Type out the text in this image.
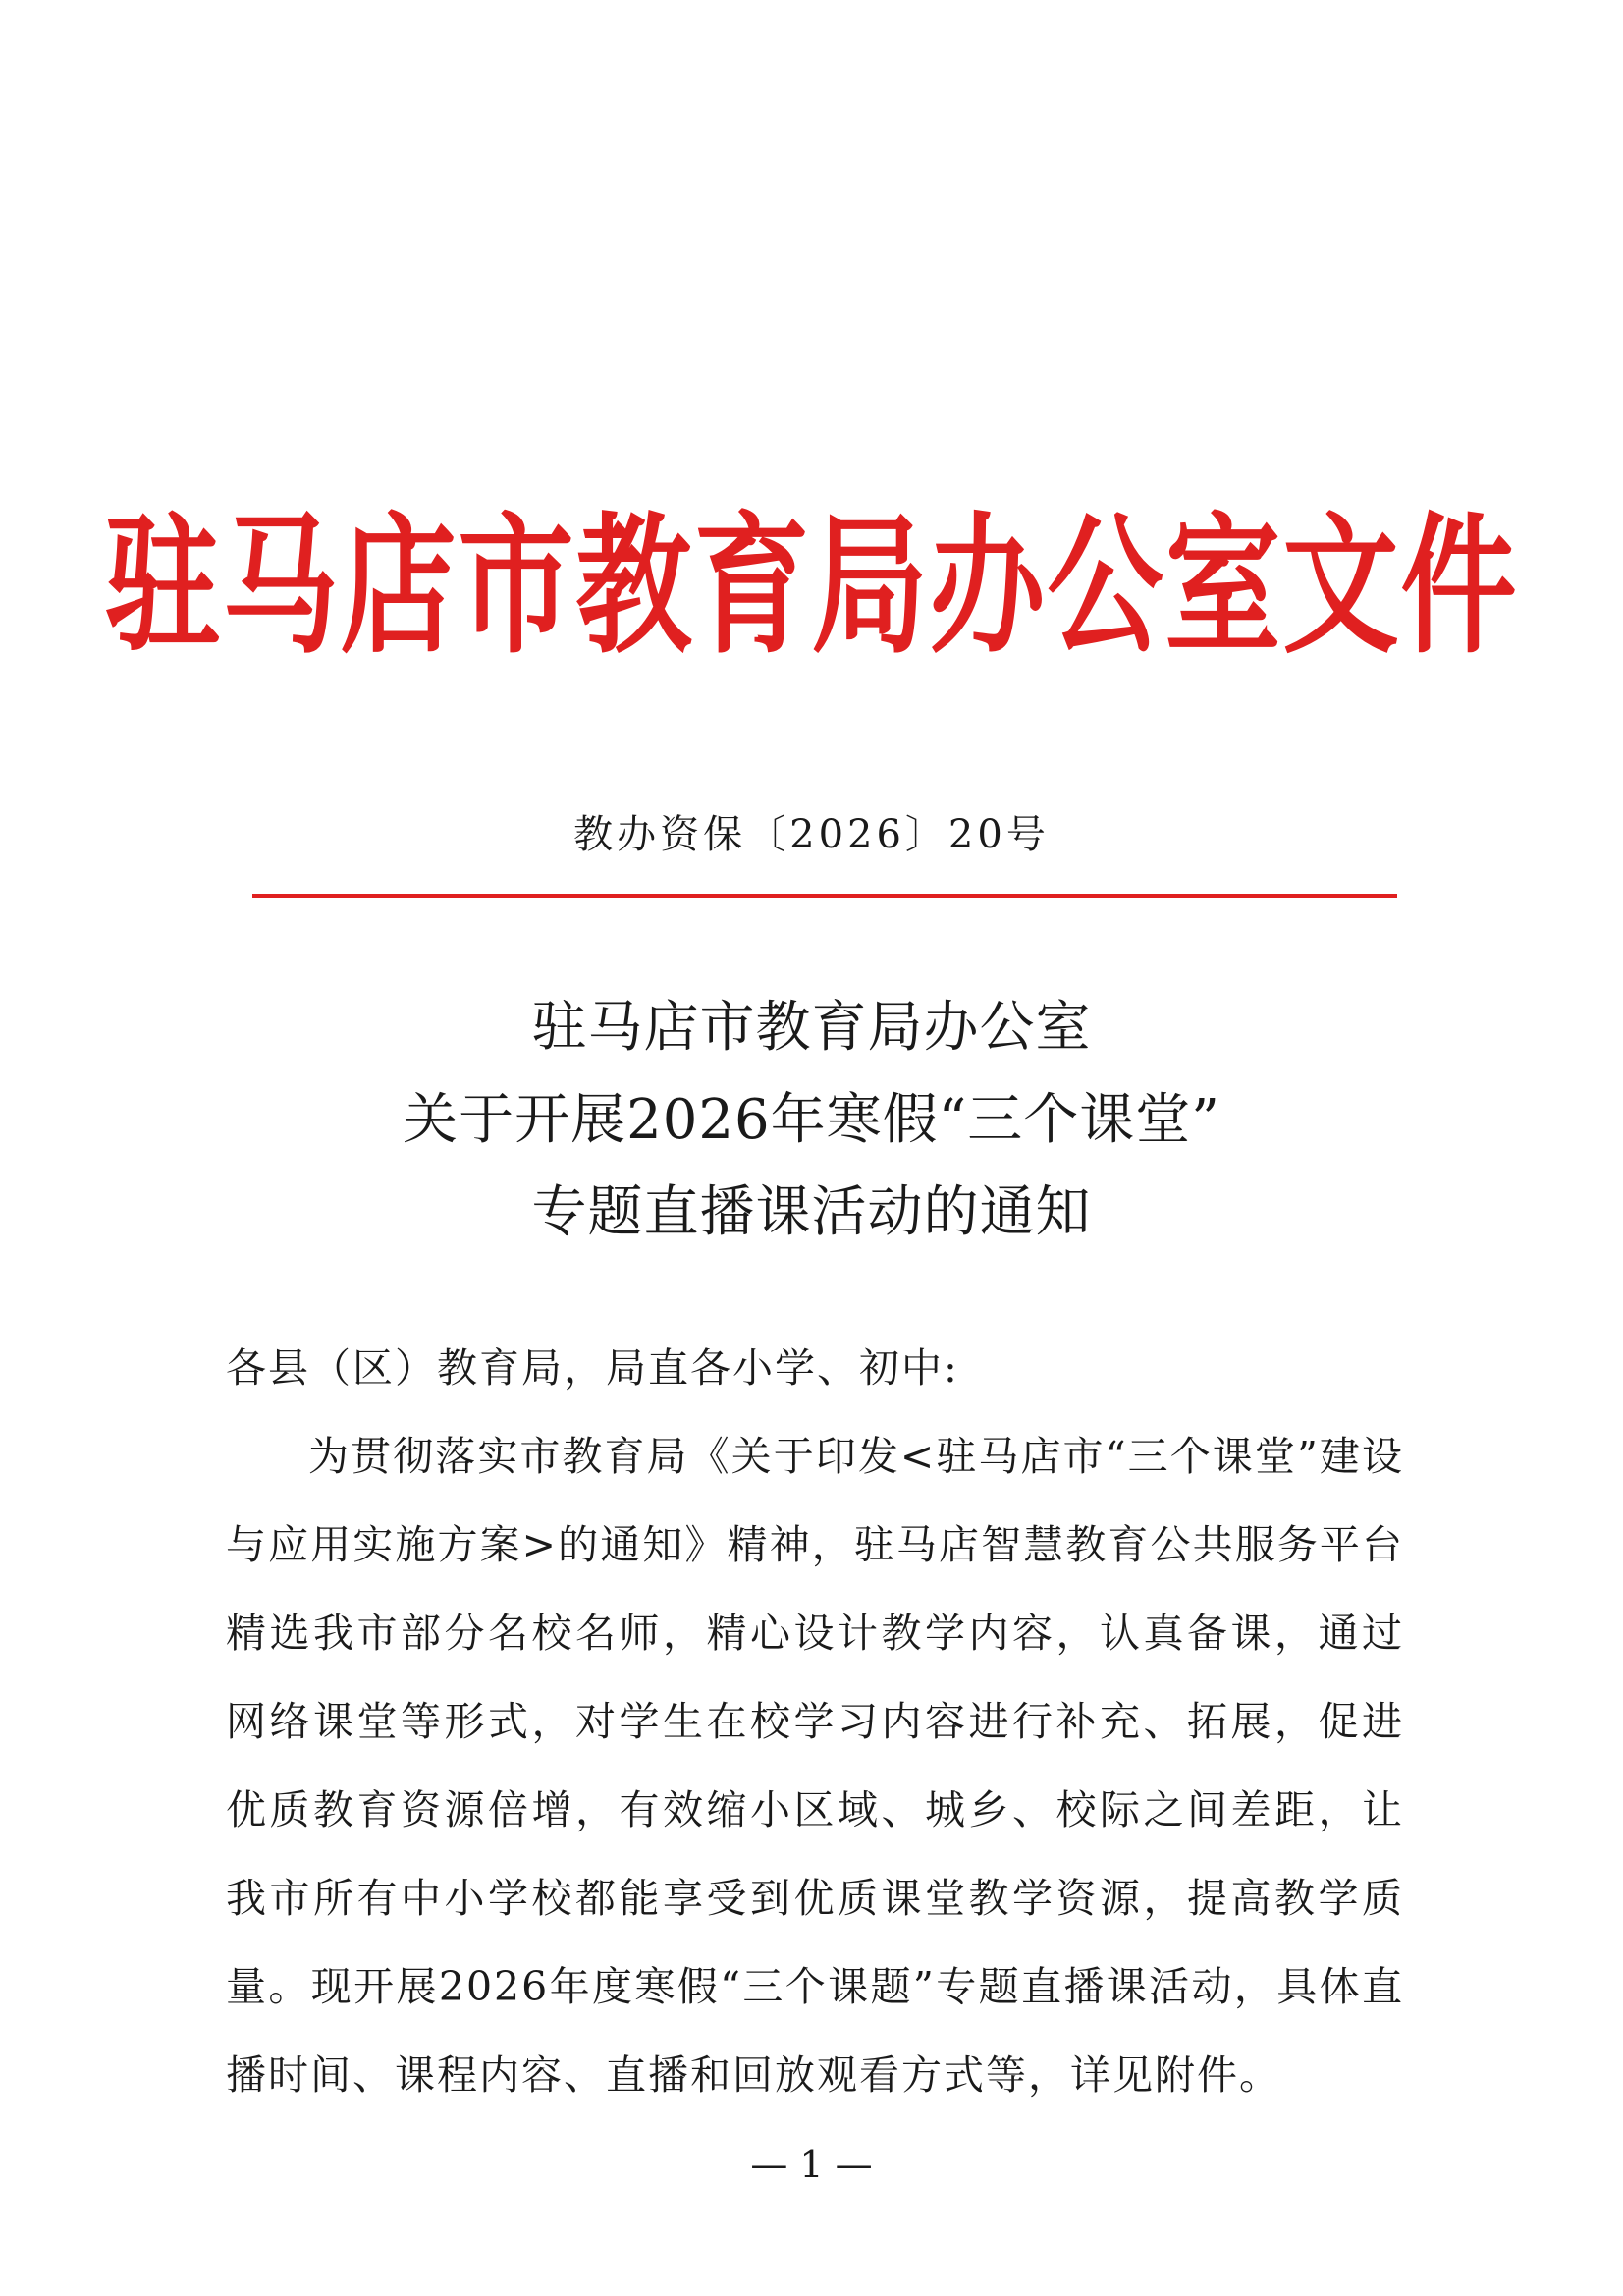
驻马店市教育局办公室文件
教办资保〔2026〕20号
驻马店市教育局办公室
关于开展2026年寒假“三个课堂”
专题直播课活动的通知
各县（区）教育局，局直各小学、初中:

为贯彻落实市教育局《关于印发<驻马店市“三个课堂”建设与应用实施方案>的通知》精神，驻马店智慧教育公共服务平台精选我市部分名校名师，精心设计教学内容，认真备课，通过网络课堂等形式，对学生在校学习内容进行补充、拓展，促进优质教育资源倍增，有效缩小区域、城乡、校际之间差距，让我市所有中小学校都能享受到优质课堂教学资源，提高教学质量。现开展2026年度寒假“三个课题”专题直播课活动，具体直播时间、课程内容、直播和回放观看方式等，详见附件。

— 1 —
